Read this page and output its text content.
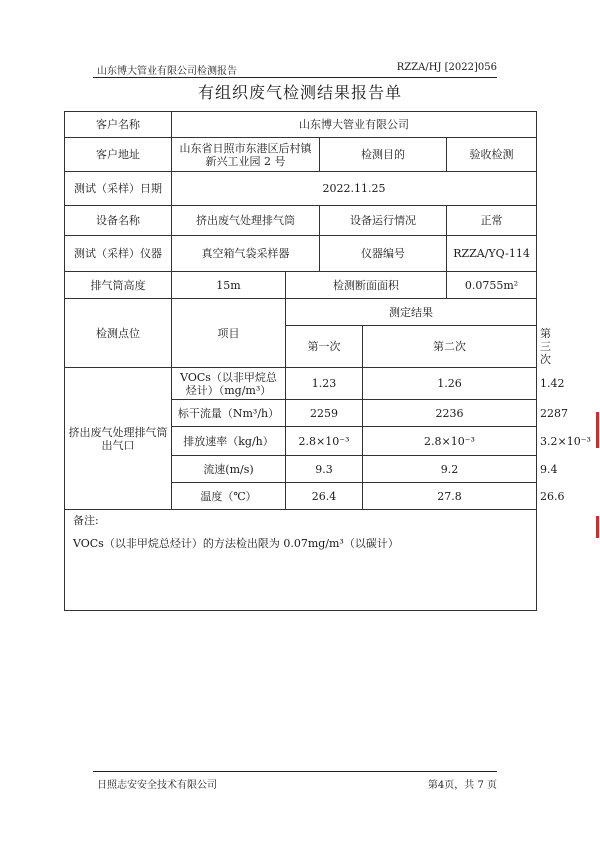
山东博大管业有限公司检测报告	RZZA/HJ [2022]056
有组织废气检测结果报告单
客户名称	山东博大管业有限公司					
客户地址	山东省日照市东港区后村镇新兴工业园 2 号		检测目的		验收检测	
测试（采样）日期	2022.11.25					
设备名称	挤出废气处理排气筒		设备运行情况		正常	
测试（采样）仪器	真空箱气袋采样器		仪器编号		RZZA/YQ-114	
排气筒高度	15m	检测断面面积			0.0755m²	
检测点位	项目	测定结果				
		第一次		第二次		第三次
挤出废气处理排气筒出气口	VOCs（以非甲烷总烃计）（mg/m³）	1.23		1.26		1.42
	标干流量（Nm³/h）	2259		2236		2287
	排放速率（kg/h）	2.8×10⁻³		2.8×10⁻³		3.2×10⁻³
	流速(m/s)	9.3		9.2		9.4
	温度（℃）	26.4		27.8		26.6

备注:
VOCs（以非甲烷总烃计）的方法检出限为 0.07mg/m³（以碳计）						
日照志安安全技术有限公司	第4页，共 7 页
